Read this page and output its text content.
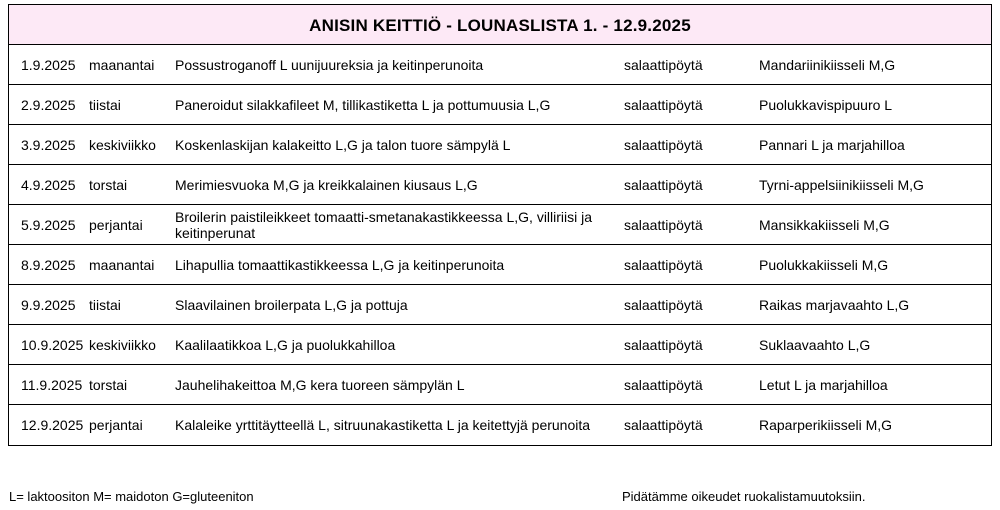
ANISIN KEITTIÖ - LOUNASLISTA 1. - 12.9.2025
1.9.2025 maanantai	Possustroganoff L uunijuureksia ja keitinperunoita	salaattipöytä	Mandariinikiisseli M,G
2.9.2025 tiistai	Paneroidut silakkafileet M, tillikastiketta L ja pottumuusia L,G	salaattipöytä	Puolukkavispipuuro L
3.9.2025 keskiviikko	Koskenlaskijan kalakeitto L,G ja talon tuore sämpylä L	salaattipöytä	Pannari L ja marjahilloa
4.9.2025 torstai	Merimiesvuoka M,G ja kreikkalainen kiusaus L,G	salaattipöytä	Tyrni-appelsiinikiisseli M,G
5.9.2025 perjantai	Broilerin paistileikkeet tomaatti-smetanakastikkeessa L,G, villiriisi ja keitinperunat	salaattipöytä	Mansikkakiisseli M,G
8.9.2025 maanantai	Lihapullia tomaattikastikkeessa L,G ja keitinperunoita	salaattipöytä	Puolukkakiisseli M,G
9.9.2025 tiistai	Slaavilainen broilerpata L,G ja pottuja	salaattipöytä	Raikas marjavaahto L,G
10.9.2025 keskiviikko	Kaalilaatikkoa L,G ja puolukkahilloa	salaattipöytä	Suklaavaahto L,G
11.9.2025 torstai	Jauhelihakeittoa M,G kera tuoreen sämpylän L	salaattipöytä	Letut L ja marjahilloa
12.9.2025 perjantai	Kalaleike yrttitäytteellä L, sitruunakastiketta L ja keitettyjä perunoita	salaattipöytä	Raparperikiisseli M,G
L= laktoositon M= maidoton G=gluteeniton	Pidätämme oikeudet ruokalistamuutoksiin.
